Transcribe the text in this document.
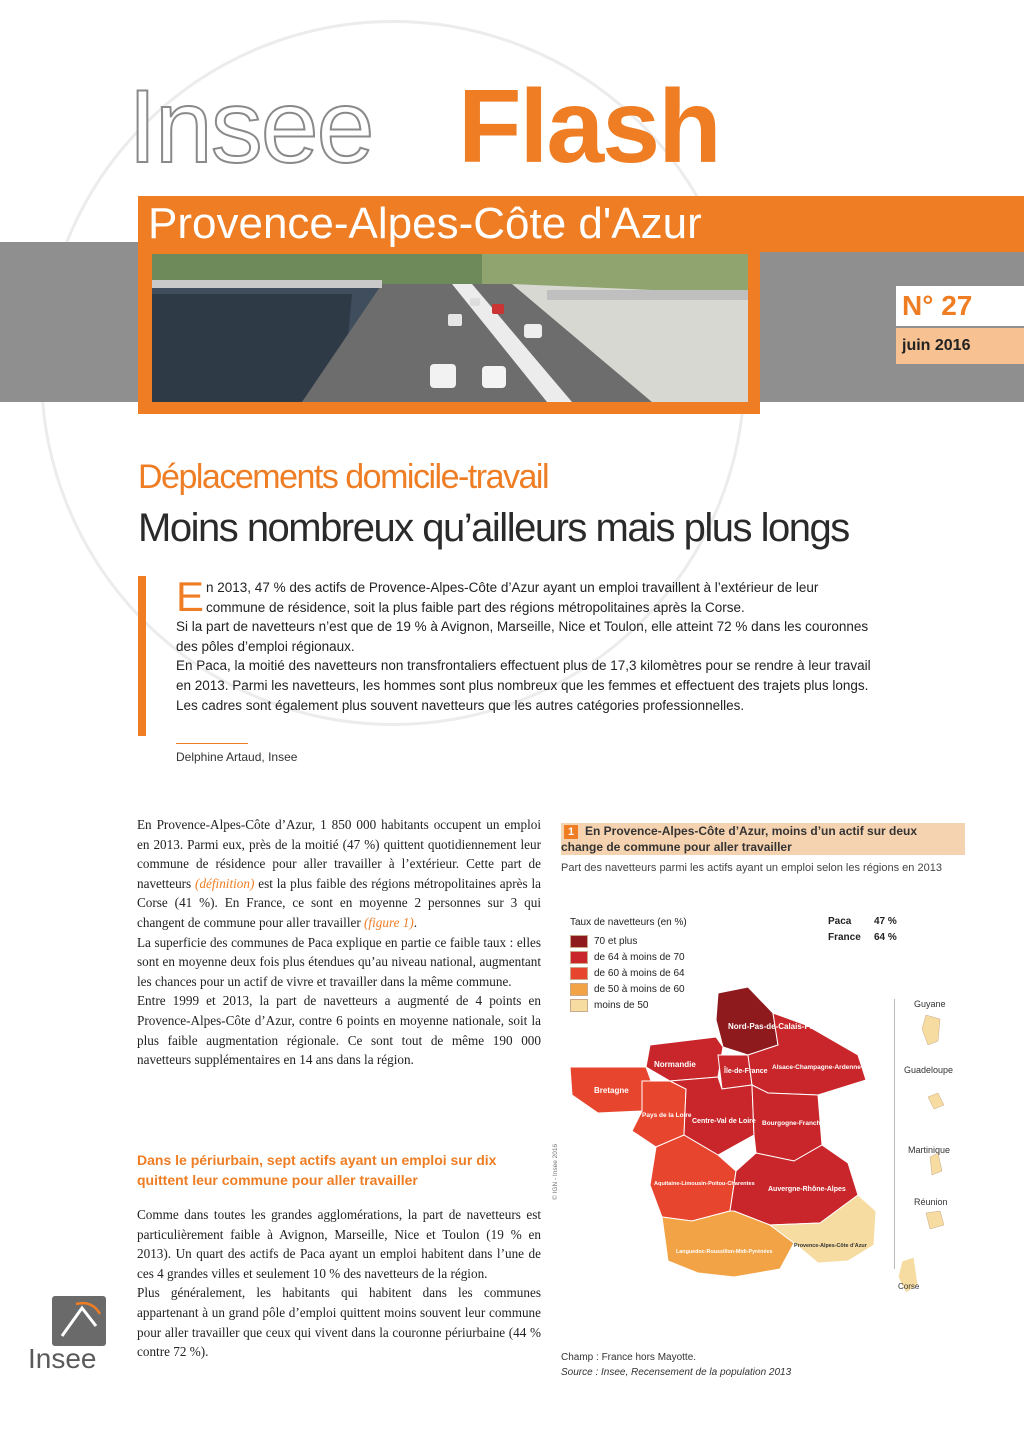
Insee Flash
Provence-Alpes-Côte d'Azur
N° 27
juin 2016
Déplacements domicile-travail
Moins nombreux qu’ailleurs mais plus longs

En 2013, 47 % des actifs de Provence-Alpes-Côte d’Azur ayant un emploi travaillent à l’extérieur de leur commune de résidence, soit la plus faible part des régions métropolitaines après la Corse.

Si la part de navetteurs n’est que de 19 % à Avignon, Marseille, Nice et Toulon, elle atteint 72 % dans les couronnes des pôles d’emploi régionaux.

En Paca, la moitié des navetteurs non transfrontaliers effectuent plus de 17,3 kilomètres pour se rendre à leur travail en 2013. Parmi les navetteurs, les hommes sont plus nombreux que les femmes et effectuent des trajets plus longs. Les cadres sont également plus souvent navetteurs que les autres catégories professionnelles.

Delphine Artaud, Insee

En Provence-Alpes-Côte d’Azur, 1 850 000 habitants occupent un emploi en 2013. Parmi eux, près de la moitié (47 %) quittent quotidiennement leur commune de résidence pour aller travailler à l’extérieur. Cette part de navetteurs (définition) est la plus faible des régions métropolitaines après la Corse (41 %). En France, ce sont en moyenne 2 personnes sur 3 qui changent de commune pour aller travailler (figure 1).

La superficie des communes de Paca explique en partie ce faible taux : elles sont en moyenne deux fois plus étendues qu’au niveau national, augmentant les chances pour un actif de vivre et travailler dans la même commune.

Entre 1999 et 2013, la part de navetteurs a augmenté de 4 points en Provence-Alpes-Côte d’Azur, contre 6 points en moyenne nationale, soit la plus faible augmentation régionale. Ce sont tout de même 190 000 navetteurs supplémentaires en 14 ans dans la région.

Dans le périurbain, sept actifs ayant un emploi sur dix quittent leur commune pour aller travailler

Comme dans toutes les grandes agglomérations, la part de navetteurs est particulièrement faible à Avignon, Marseille, Nice et Toulon (19 % en 2013). Un quart des actifs de Paca ayant un emploi habitent dans l’une de ces 4 grandes villes et seulement 10 % des navetteurs de la région.

Plus généralement, les habitants qui habitent dans les communes appartenant à un grand pôle d’emploi quittent moins souvent leur commune pour aller travailler que ceux qui vivent dans la couronne périurbaine (44 % contre 72 %).

Insee
1 En Provence-Alpes-Côte d’Azur, moins d’un actif sur deux change de commune pour aller travailler
Part des navetteurs parmi les actifs ayant un emploi selon les régions en 2013
Taux de navetteurs (en %)
70 et plus
de 64 à moins de 70
de 60 à moins de 64
de 50 à moins de 60
moins de 50
Paca	47 %
France	64 %
Nord-Pas-de-Calais-Picardie
Normandie
Île-de-France
Alsace-Champagne-Ardenne-Lorraine
Bretagne
Pays de la Loire
Centre-Val de Loire Bourgogne-Franche-Comté
Aquitaine-Limousin-Poitou-Charentes
Auvergne-Rhône-Alpes
Languedoc-Roussillon-Midi-Pyrénées
Provence-Alpes-Côte d’Azur
Corse
Guyane
Guadeloupe
Martinique
Réunion
© IGN - Insee 2016
Champ : France hors Mayotte.
Source : Insee, Recensement de la population 2013
